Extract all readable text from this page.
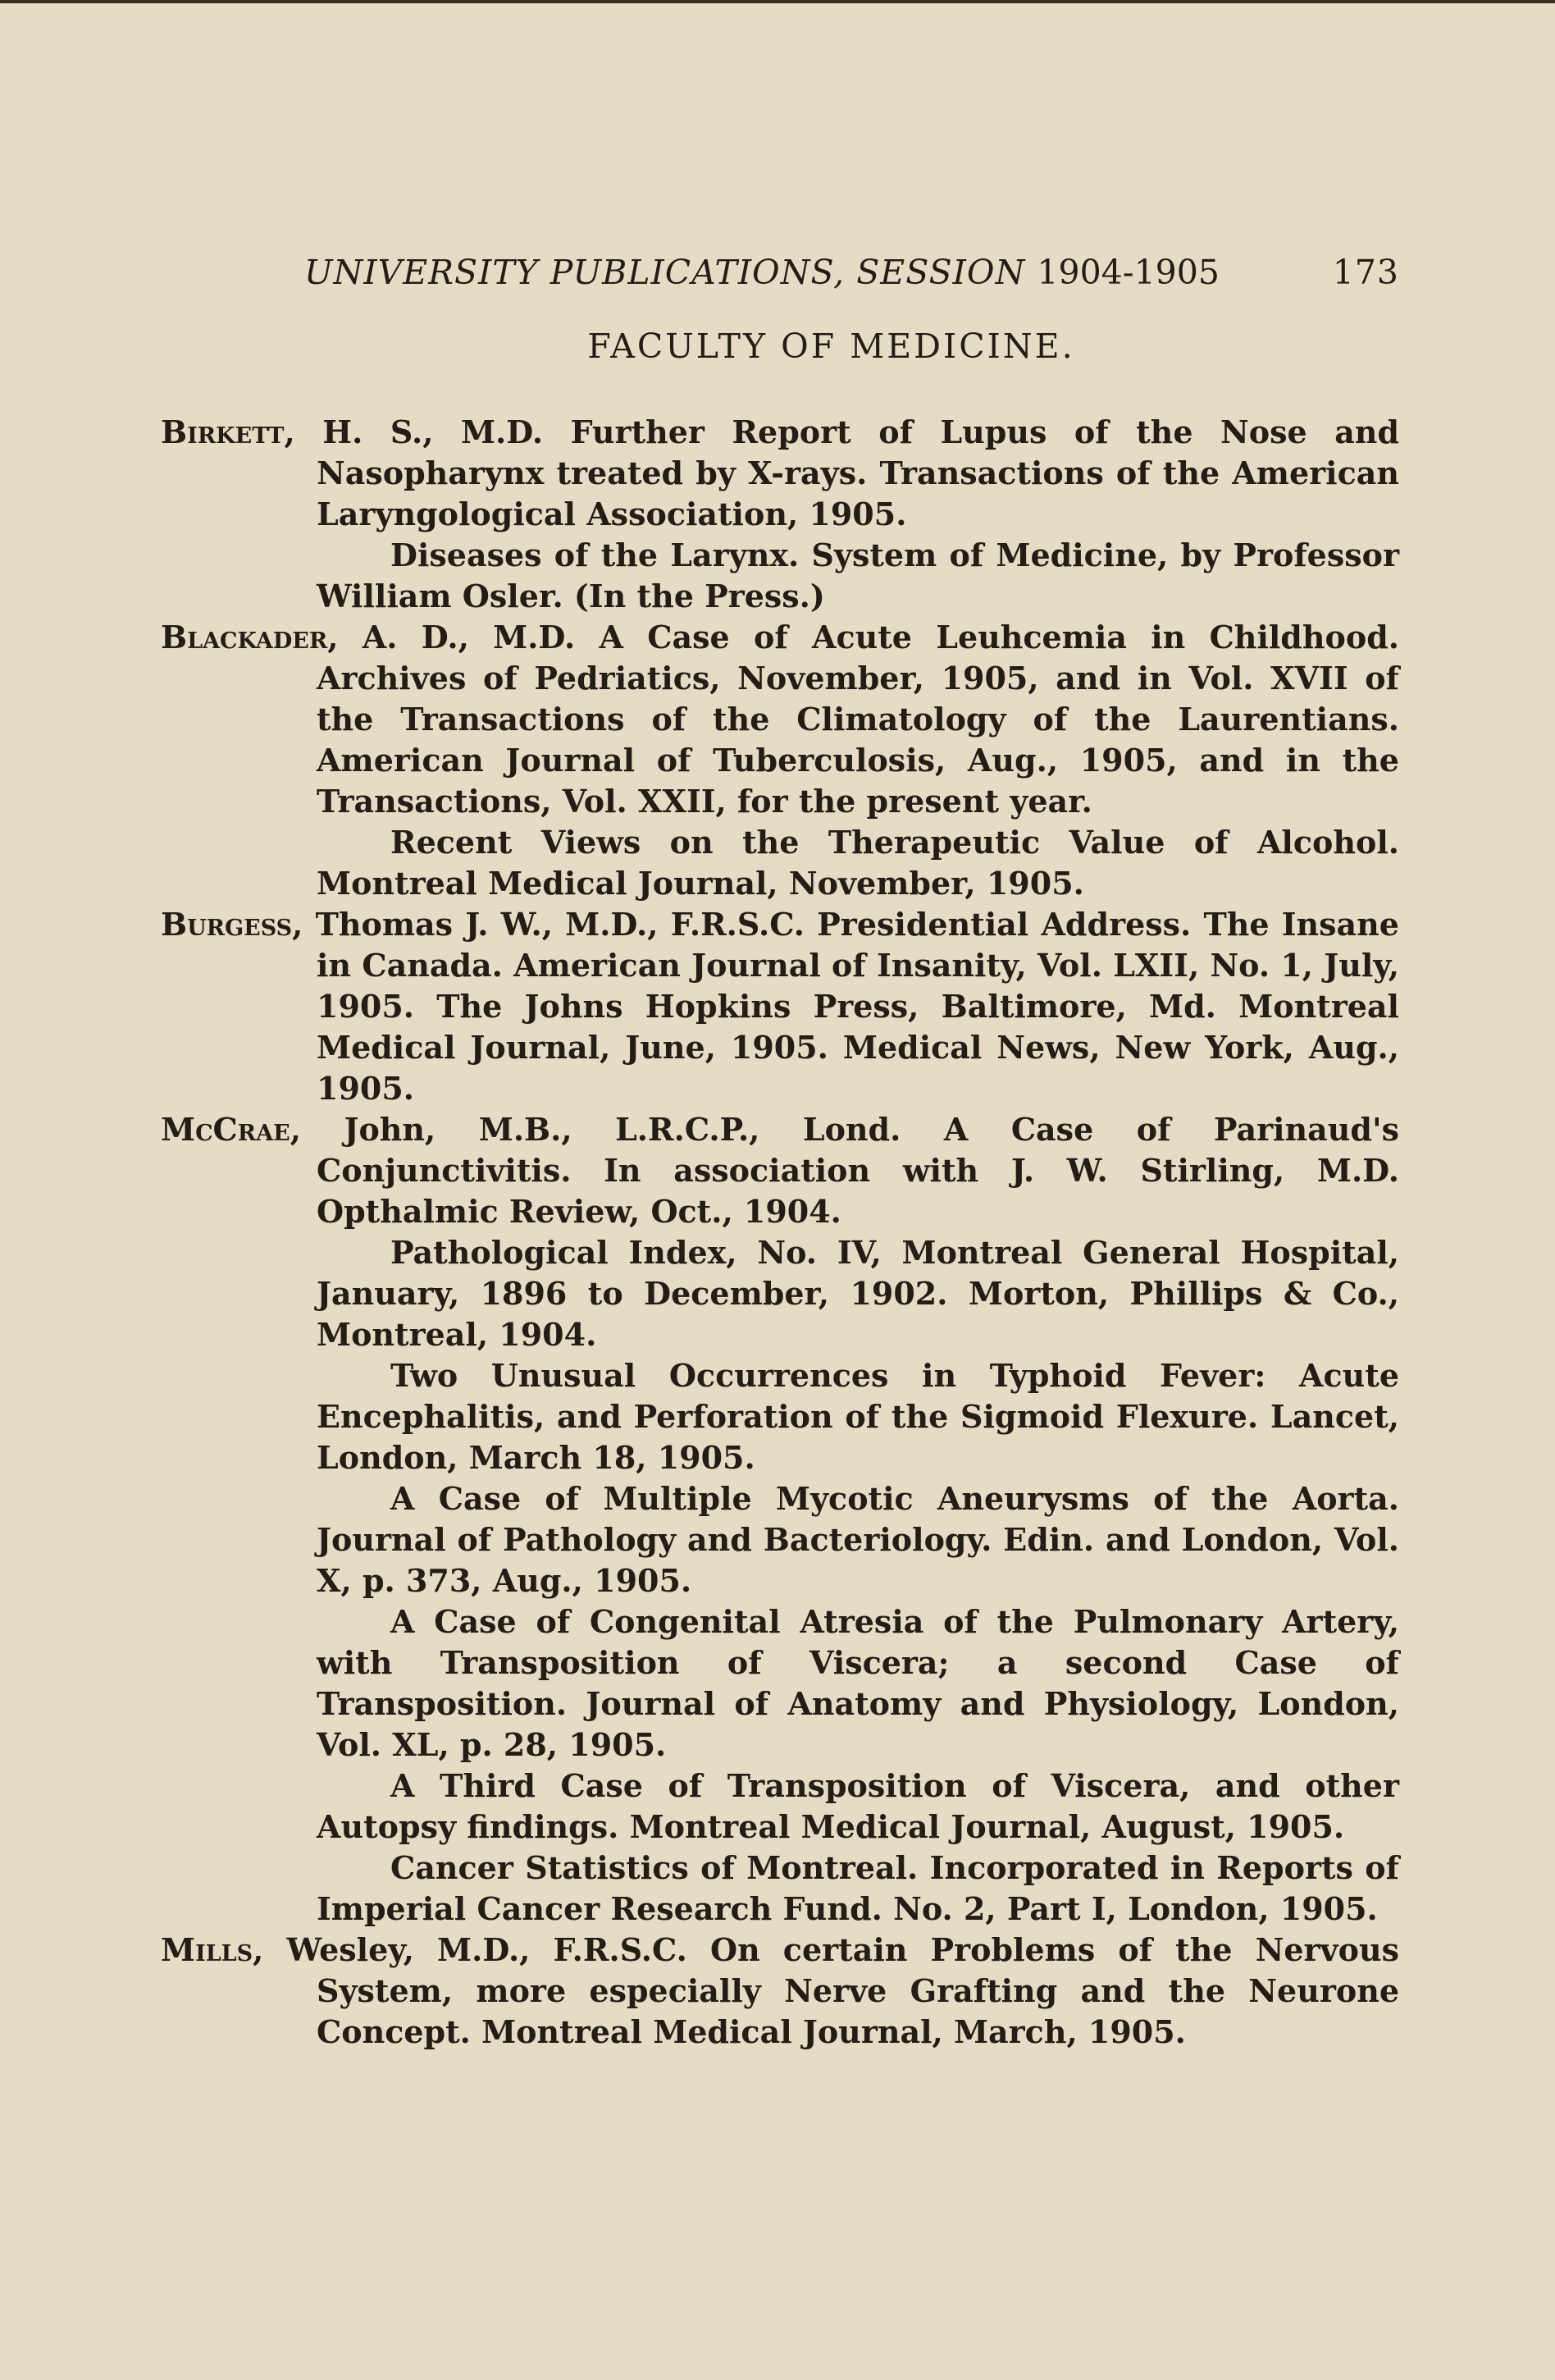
UNIVERSITY PUBLICATIONS, SESSION 1904-1905	173
FACULTY OF MEDICINE.

Birkett, H. S., M.D. Further Report of Lupus of the Nose and Nasopharynx treated by X-rays. Transactions of the American Laryngological Association, 1905.

Diseases of the Larynx. System of Medicine, by Professor William Osler. (In the Press.)

Blackader, A. D., M.D. A Case of Acute Leuhcemia in Childhood. Archives of Pedriatics, November, 1905, and in Vol. XVII of the Transactions of the Climatology of the Laurentians. American Journal of Tuberculosis, Aug., 1905, and in the Transactions, Vol. XXII, for the present year.

Recent Views on the Therapeutic Value of Alcohol. Montreal Medical Journal, November, 1905.

Burgess, Thomas J. W., M.D., F.R.S.C. Presidential Address. The Insane in Canada. American Journal of Insanity, Vol. LXII, No. 1, July, 1905. The Johns Hopkins Press, Baltimore, Md. Montreal Medical Journal, June, 1905. Medical News, New York, Aug., 1905.

McCrae, John, M.B., L.R.C.P., Lond. A Case of Parinaud's Conjunctivitis. In association with J. W. Stirling, M.D. Opthalmic Review, Oct., 1904.

Pathological Index, No. IV, Montreal General Hospital, January, 1896 to December, 1902. Morton, Phillips & Co., Montreal, 1904.

Two Unusual Occurrences in Typhoid Fever: Acute Encephalitis, and Perforation of the Sigmoid Flexure. Lancet, London, March 18, 1905.

A Case of Multiple Mycotic Aneurysms of the Aorta. Journal of Pathology and Bacteriology. Edin. and London, Vol. X, p. 373, Aug., 1905.

A Case of Congenital Atresia of the Pulmonary Artery, with Transposition of Viscera; a second Case of Transposition. Journal of Anatomy and Physiology, London, Vol. XL, p. 28, 1905.

A Third Case of Transposition of Viscera, and other Autopsy findings. Montreal Medical Journal, August, 1905.

Cancer Statistics of Montreal. Incorporated in Reports of Imperial Cancer Research Fund. No. 2, Part I, London, 1905.

Mills, Wesley, M.D., F.R.S.C. On certain Problems of the Nervous System, more especially Nerve Grafting and the Neurone Concept. Montreal Medical Journal, March, 1905.
